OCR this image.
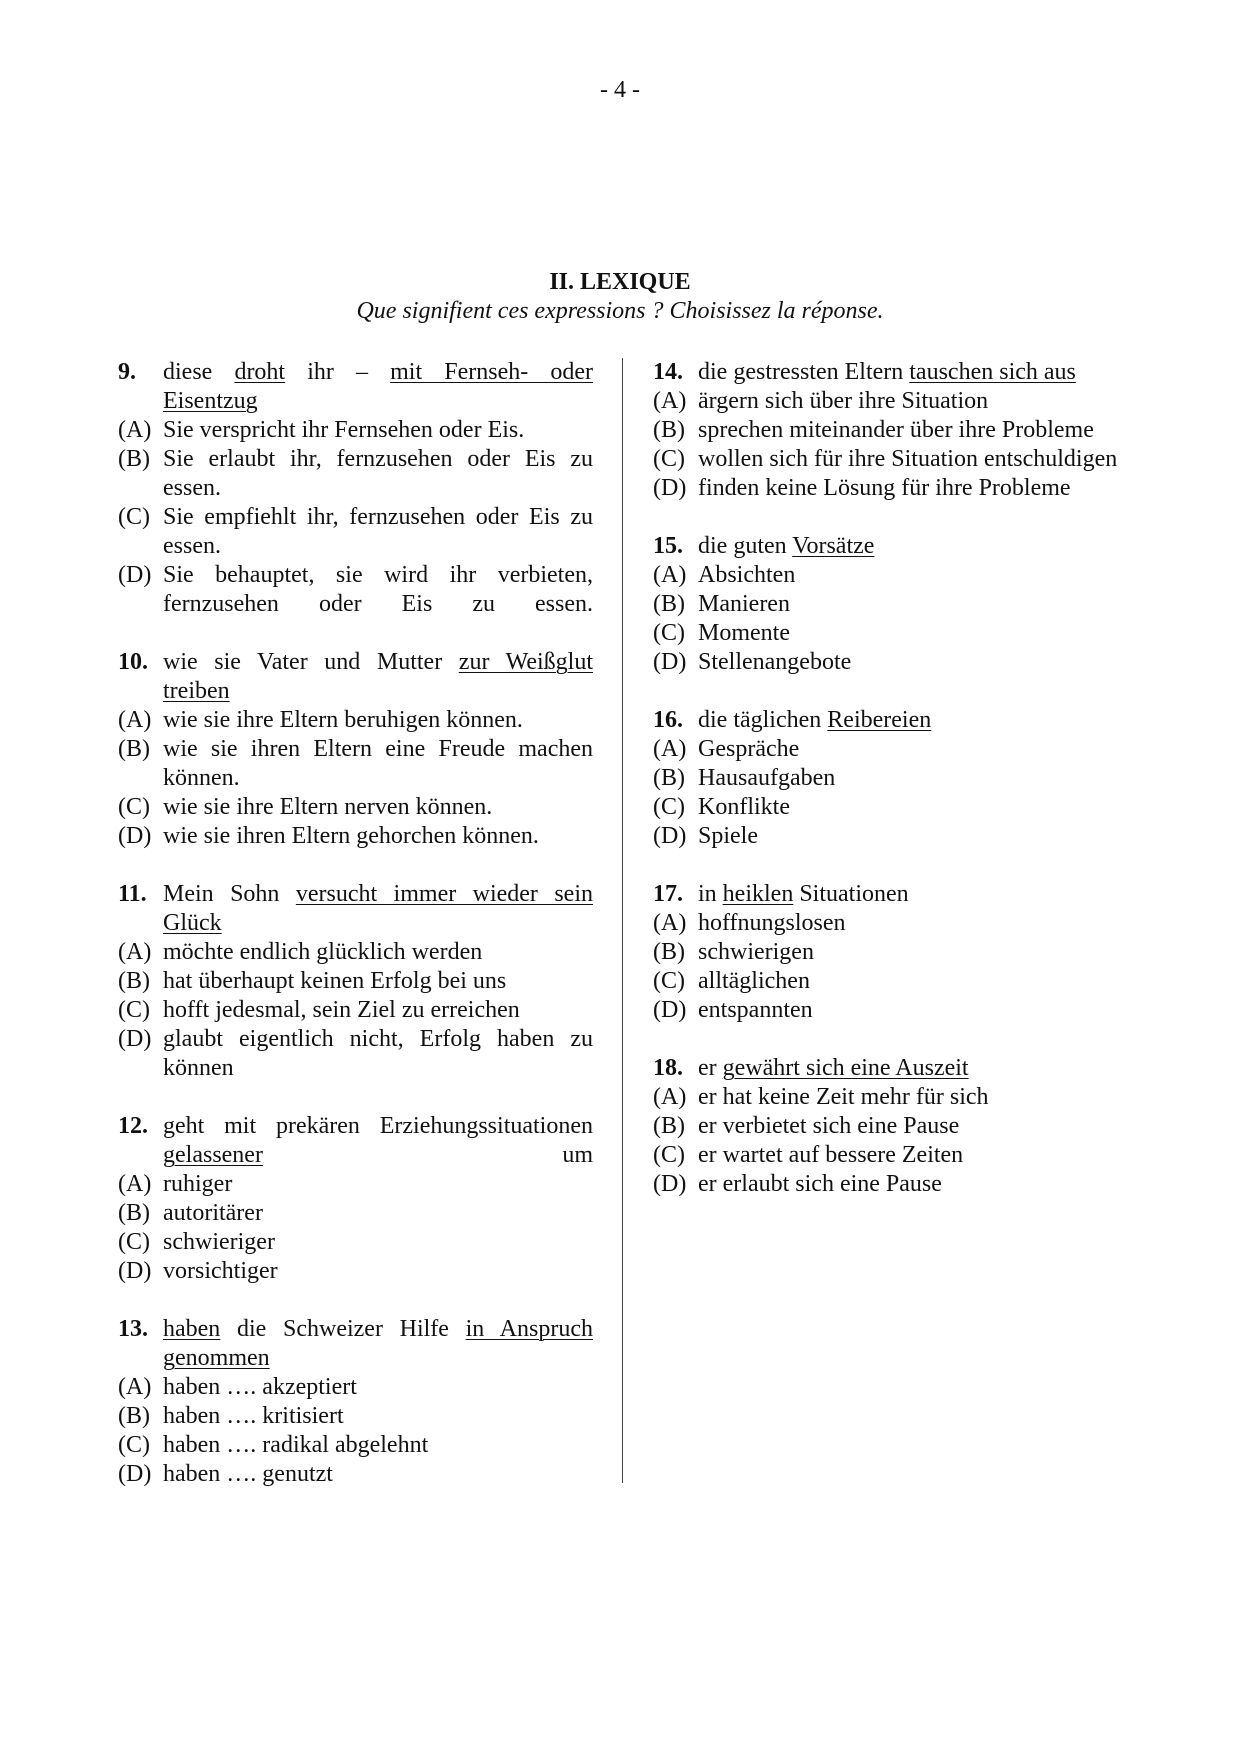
- 4 -
II. LEXIQUE
Que signifient ces expressions ? Choisissez la réponse.
9.	diese droht ihr – mit Fernseh- oder Eisentzug
(A) Sie verspricht ihr Fernsehen oder Eis.
(B) Sie erlaubt ihr, fernzusehen oder Eis zu essen.
(C) Sie empfiehlt ihr, fernzusehen oder Eis zu essen.
(D) Sie behauptet, sie wird ihr verbieten, fernzusehen oder Eis zu essen.
10. wie sie Vater und Mutter zur Weißglut treiben
(A) wie sie ihre Eltern beruhigen können.
(B) wie sie ihren Eltern eine Freude machen können.
(C) wie sie ihre Eltern nerven können.
(D) wie sie ihren Eltern gehorchen können.
11. Mein Sohn versucht immer wieder sein Glück
(A) möchte endlich glücklich werden
(B) hat überhaupt keinen Erfolg bei uns
(C) hofft jedesmal, sein Ziel zu erreichen
(D) glaubt eigentlich nicht, Erfolg haben zu können
12. geht mit prekären Erziehungssituationen gelassener um
(A) ruhiger
(B) autoritärer
(C) schwieriger
(D) vorsichtiger
13. haben die Schweizer Hilfe in Anspruch genommen
(A) haben …. akzeptiert
(B) haben …. kritisiert
(C) haben …. radikal abgelehnt
(D) haben …. genutzt
14. die gestressten Eltern tauschen sich aus
(A) ärgern sich über ihre Situation
(B) sprechen miteinander über ihre Probleme
(C) wollen sich für ihre Situation entschuldigen
(D) finden keine Lösung für ihre Probleme
15. die guten Vorsätze
(A) Absichten
(B) Manieren
(C) Momente
(D) Stellenangebote
16. die täglichen Reibereien
(A) Gespräche
(B) Hausaufgaben
(C) Konflikte
(D) Spiele
17. in heiklen Situationen
(A) hoffnungslosen
(B) schwierigen
(C) alltäglichen
(D) entspannten
18. er gewährt sich eine Auszeit
(A) er hat keine Zeit mehr für sich
(B) er verbietet sich eine Pause
(C) er wartet auf bessere Zeiten
(D) er erlaubt sich eine Pause
